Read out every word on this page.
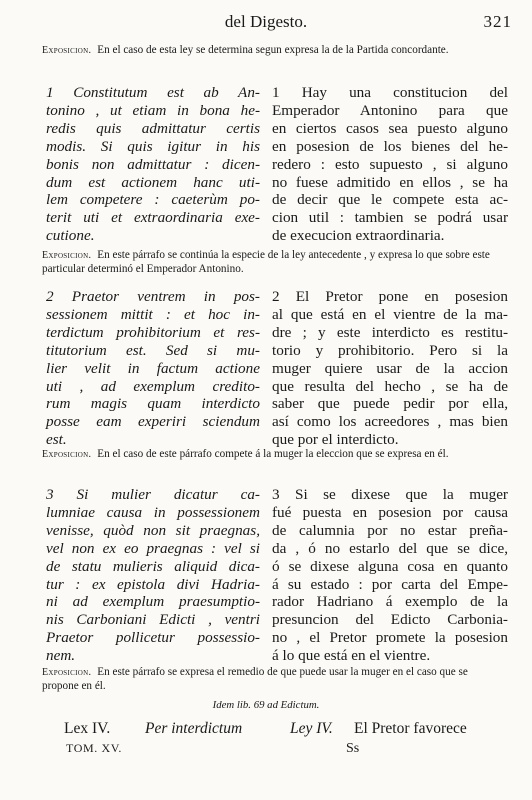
del Digesto.	321
Exposicion. En el caso de esta ley se determina segun expresa la de la Partida concordante.
1 Constitutum est ab An-
tonino , ut etiam in bona he-
redis quis admittatur certis
modis. Si quis igitur in his
bonis non admittatur : dicen-
dum est actionem hanc uti-
lem competere : caeterùm po-
terit uti et extraordinaria exe-
cutione.
1 Hay una constitucion del
Emperador Antonino para que
en ciertos casos sea puesto alguno
en posesion de los bienes del he-
redero : esto supuesto , si alguno
no fuese admitido en ellos , se ha
de decir que le compete esta ac-
cion util : tambien se podrá usar
de execucion extraordinaria.
Exposicion. En este párrafo se continúa la especie de la ley antecedente , y expresa lo que sobre este particular determinó el Emperador Antonino.
2 Praetor ventrem in pos-
sessionem mittit : et hoc in-
terdictum prohibitorium et res-
titutorium est. Sed si mu-
lier velit in factum actione
uti , ad exemplum credito-
rum magis quam interdicto
posse eam experiri sciendum
est.
2 El Pretor pone en posesion
al que está en el vientre de la ma-
dre ; y este interdicto es restitu-
torio y prohibitorio. Pero si la
muger quiere usar de la accion
que resulta del hecho , se ha de
saber que puede pedir por ella,
así como los acreedores , mas bien
que por el interdicto.
Exposicion. En el caso de este párrafo compete á la muger la eleccion que se expresa en él.
3 Si mulier dicatur ca-
lumniae causa in possessionem
venisse, quòd non sit praegnas,
vel non ex eo praegnas : vel si
de statu mulieris aliquid dica-
tur : ex epistola divi Hadria-
ni ad exemplum praesumptio-
nis Carboniani Edicti , ventri
Praetor pollicetur possessio-
nem.
3 Si se dixese que la muger
fué puesta en posesion por causa
de calumnia por no estar preña-
da , ó no estarlo del que se dice,
ó se dixese alguna cosa en quanto
á su estado : por carta del Empe-
rador Hadriano á exemplo de la
presuncion del Edicto Carboniа-
no , el Pretor promete la posesion
á lo que está en el vientre.
Exposicion. En este párrafo se expresa el remedio de que puede usar la muger en el caso que se propone en él.
Idem lib. 69 ad Edictum.
Lex IV. Per interdictum	Ley IV. El Pretor favorece
TOM. XV.	Ss
